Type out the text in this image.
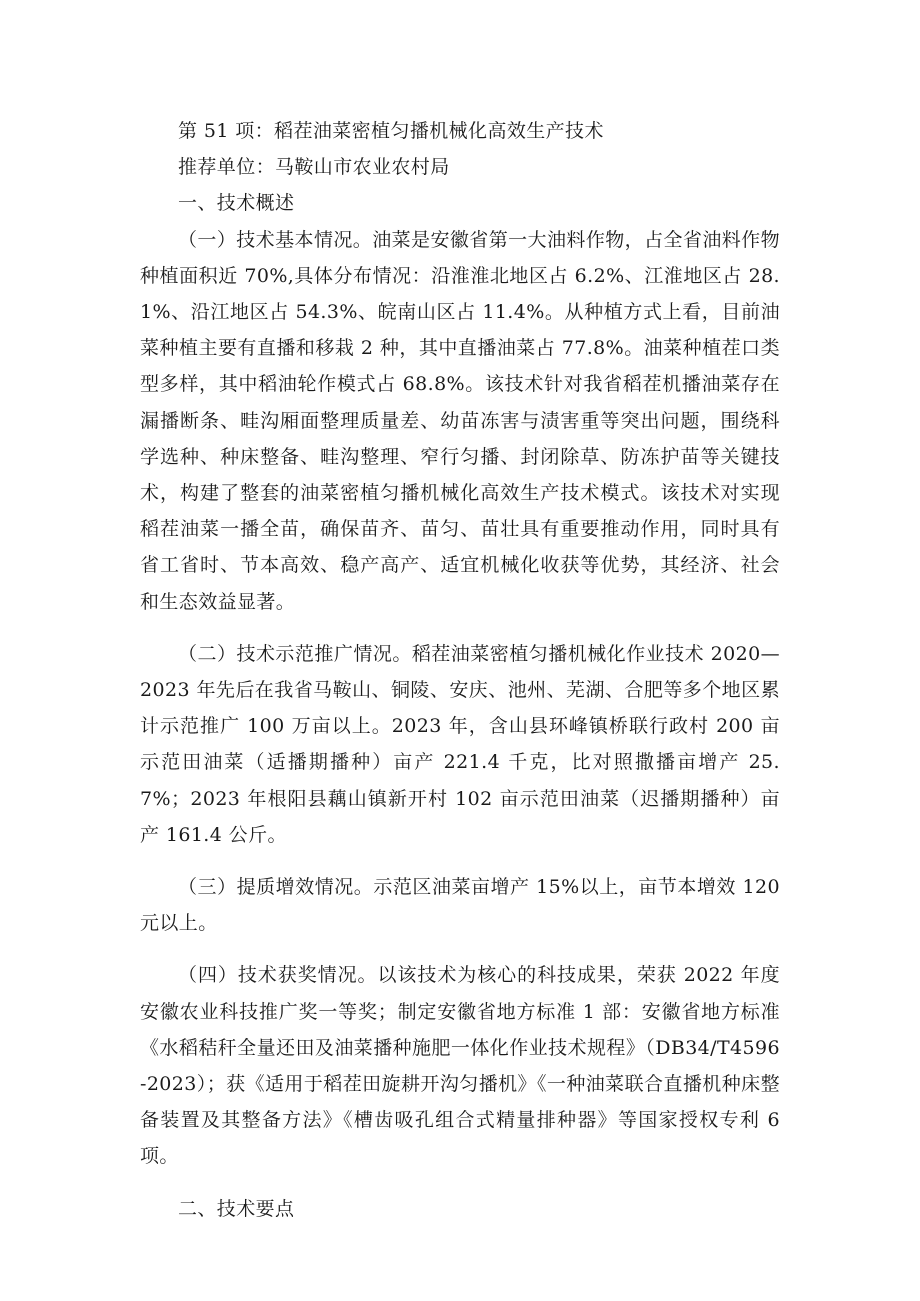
第 51 项：稻茬油菜密植匀播机械化高效生产技术

推荐单位：马鞍山市农业农村局

一、技术概述

（一）技术基本情况。油菜是安徽省第一大油料作物，占全省油料作物种植面积近 70%,具体分布情况：沿淮淮北地区占 6.2%、江淮地区占 28.1%、沿江地区占 54.3%、皖南山区占 11.4%。从种植方式上看，目前油菜种植主要有直播和移栽 2 种，其中直播油菜占 77.8%。油菜种植茬口类型多样，其中稻油轮作模式占 68.8%。该技术针对我省稻茬机播油菜存在漏播断条、畦沟厢面整理质量差、幼苗冻害与渍害重等突出问题，围绕科学选种、种床整备、畦沟整理、窄行匀播、封闭除草、防冻护苗等关键技术，构建了整套的油菜密植匀播机械化高效生产技术模式。该技术对实现稻茬油菜一播全苗，确保苗齐、苗匀、苗壮具有重要推动作用，同时具有省工省时、节本高效、稳产高产、适宜机械化收获等优势，其经济、社会和生态效益显著。

（二）技术示范推广情况。稻茬油菜密植匀播机械化作业技术 2020—2023 年先后在我省马鞍山、铜陵、安庆、池州、芜湖、合肥等多个地区累计示范推广 100 万亩以上。2023 年，含山县环峰镇桥联行政村 200 亩示范田油菜（适播期播种）亩产 221.4 千克，比对照撒播亩增产 25.7%；2023 年根阳县藕山镇新开村 102 亩示范田油菜（迟播期播种）亩产 161.4 公斤。

（三）提质增效情况。示范区油菜亩增产 15%以上，亩节本增效 120 元以上。

（四）技术获奖情况。以该技术为核心的科技成果，荣获 2022 年度安徽农业科技推广奖一等奖；制定安徽省地方标准 1 部：安徽省地方标准《水稻秸秆全量还田及油菜播种施肥一体化作业技术规程》（DB34/T4596-2023）；获《适用于稻茬田旋耕开沟匀播机》《一种油菜联合直播机种床整备装置及其整备方法》《槽齿吸孔组合式精量排种器》等国家授权专利 6 项。

二、技术要点
